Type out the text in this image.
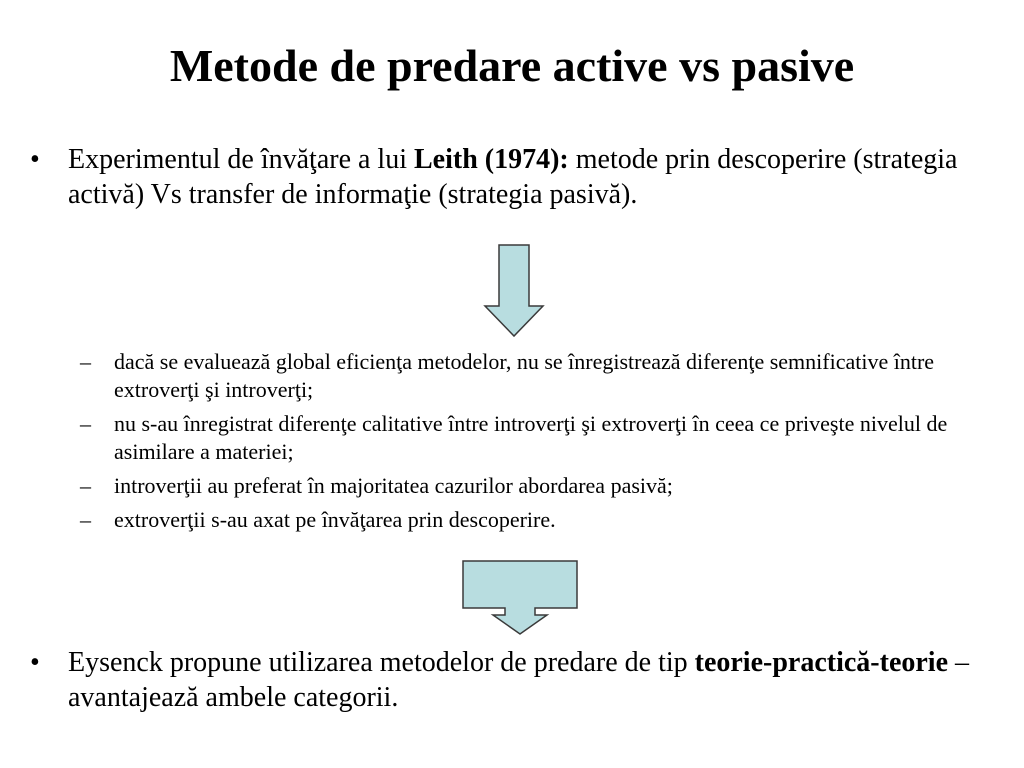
Metode de predare active vs pasive
• Experimentul de învăţare a lui Leith (1974): metode prin descoperire (strategia activă) Vs transfer de informaţie (strategia pasivă).
– dacă se evaluează global eficienţa metodelor, nu se înregistrează diferenţe semnificative între extroverţi şi introverţi;
– nu s-au înregistrat diferenţe calitative între introverţi şi extroverţi în ceea ce priveşte nivelul de asimilare a materiei;
– introverţii au preferat în majoritatea cazurilor abordarea pasivă;
– extroverţii s-au axat pe învăţarea prin descoperire.
• Eysenck propune utilizarea metodelor de predare de tip teorie-practică-teorie – avantajează ambele categorii.
